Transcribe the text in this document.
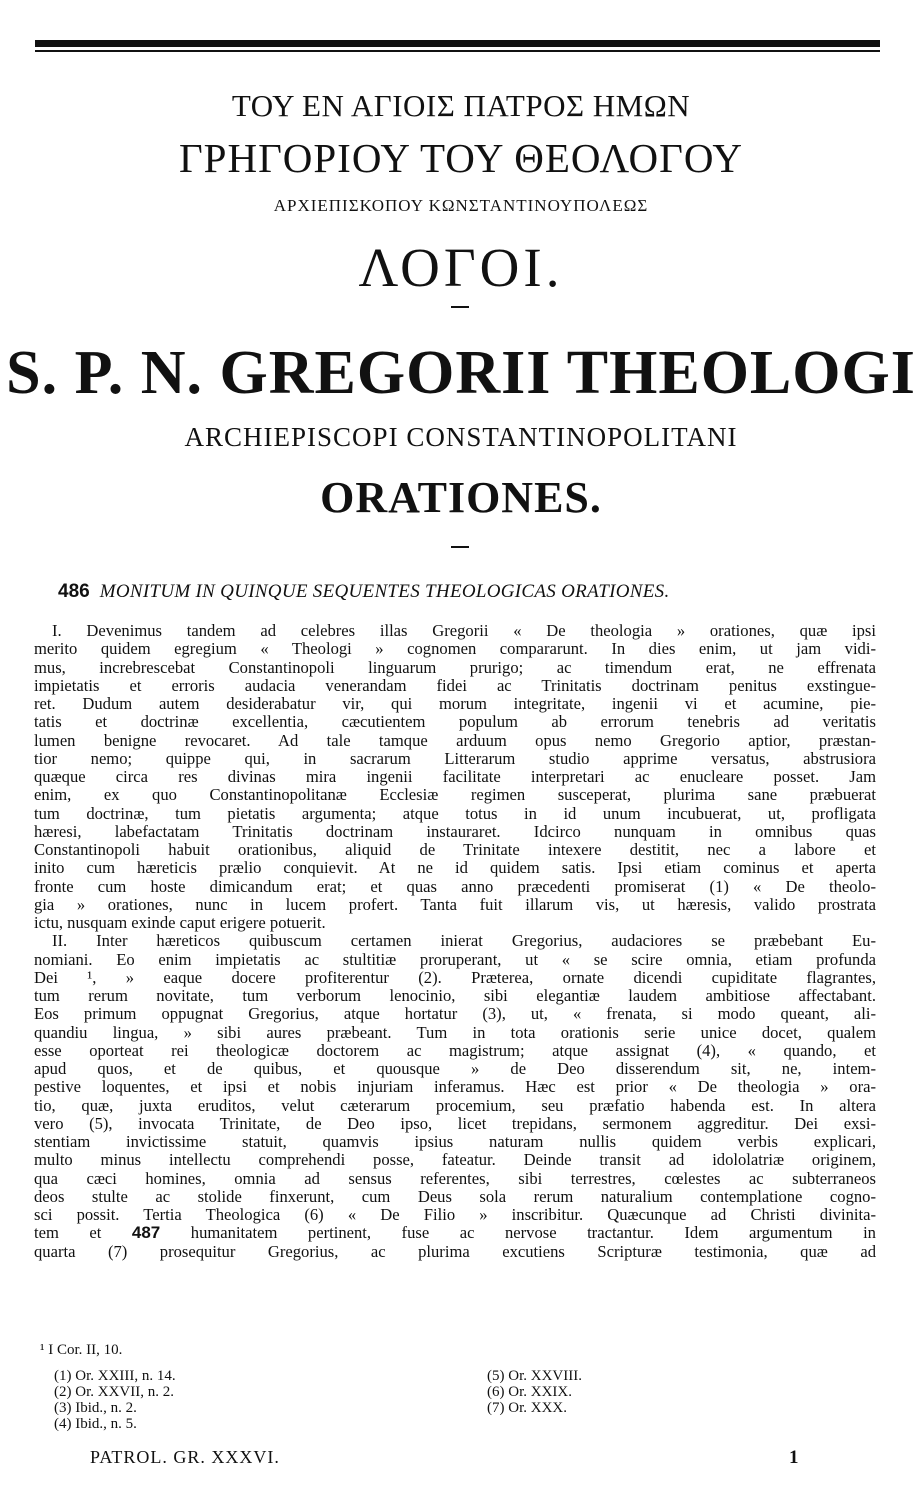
ΤΟΥ ΕΝ ΑΓΙΟΙΣ ΠΑΤΡΟΣ ΗΜΩΝ
ΓΡΗΓΟΡΙΟΥ ΤΟΥ ΘΕΟΛΟΓΟΥ
ΑΡΧΙΕΠΙΣΚΟΠΟΥ ΚΩΝΣΤΑΝΤΙΝΟΥΠΟΛΕΩΣ
ΛΟΓΟΙ.
S. P. N. GREGORII THEOLOGI
ARCHIEPISCOPI CONSTANTINOPOLITANI
ORATIONES.
486 MONITUM IN QUINQUE SEQUENTES THEOLOGICAS ORATIONES.
I. Devenimus tandem ad celebres illas Gregorii « De theologia » orationes, quæ ipsi
merito quidem egregium « Theologi » cognomen compararunt. In dies enim, ut jam vidi-
mus, increbrescebat Constantinopoli linguarum prurigo; ac timendum erat, ne effrenata
impietatis et erroris audacia venerandam fidei ac Trinitatis doctrinam penitus exstingue-
ret. Dudum autem desiderabatur vir, qui morum integritate, ingenii vi et acumine, pie-
tatis et doctrinæ excellentia, cæcutientem populum ab errorum tenebris ad veritatis
lumen benigne revocaret. Ad tale tamque arduum opus nemo Gregorio aptior, præstan-
tior nemo; quippe qui, in sacrarum Litterarum studio apprime versatus, abstrusiora
quæque circa res divinas mira ingenii facilitate interpretari ac enucleare posset. Jam
enim, ex quo Constantinopolitanæ Ecclesiæ regimen susceperat, plurima sane præbuerat
tum doctrinæ, tum pietatis argumenta; atque totus in id unum incubuerat, ut, profligata
hæresi, labefactatam Trinitatis doctrinam instauraret. Idcirco nunquam in omnibus quas
Constantinopoli habuit orationibus, aliquid de Trinitate intexere destitit, nec a labore et
inito cum hæreticis prælio conquievit. At ne id quidem satis. Ipsi etiam cominus et aperta
fronte cum hoste dimicandum erat; et quas anno præcedenti promiserat (1) « De theolo-
gia » orationes, nunc in lucem profert. Tanta fuit illarum vis, ut hæresis, valido prostrata
ictu, nusquam exinde caput erigere potuerit.
II. Inter hæreticos quibuscum certamen inierat Gregorius, audaciores se præbebant Eu-
nomiani. Eo enim impietatis ac stultitiæ proruperant, ut « se scire omnia, etiam profunda
Dei ¹, » eaque docere profiterentur (2). Præterea, ornate dicendi cupiditate flagrantes,
tum rerum novitate, tum verborum lenocinio, sibi elegantiæ laudem ambitiose affectabant.
Eos primum oppugnat Gregorius, atque hortatur (3), ut, « frenata, si modo queant, ali-
quandiu lingua, » sibi aures præbeant. Tum in tota orationis serie unice docet, qualem
esse oporteat rei theologicæ doctorem ac magistrum; atque assignat (4), « quando, et
apud quos, et de quibus, et quousque » de Deo disserendum sit, ne, intem-
pestive loquentes, et ipsi et nobis injuriam inferamus. Hæc est prior « De theologia » ora-
tio, quæ, juxta eruditos, velut cæterarum procemium, seu præfatio habenda est. In altera
vero (5), invocata Trinitate, de Deo ipso, licet trepidans, sermonem aggreditur. Dei exsi-
stentiam invictissime statuit, quamvis ipsius naturam nullis quidem verbis explicari,
multo minus intellectu comprehendi posse, fateatur. Deinde transit ad idololatriæ originem,
qua cæci homines, omnia ad sensus referentes, sibi terrestres, cœlestes ac subterraneos
deos stulte ac stolide finxerunt, cum Deus sola rerum naturalium contemplatione cogno-
sci possit. Tertia Theologica (6) « De Filio » inscribitur. Quæcunque ad Christi divinita-
tem et 487 humanitatem pertinent, fuse ac nervose tractantur. Idem argumentum in
quarta (7) prosequitur Gregorius, ac plurima excutiens Scripturæ testimonia, quæ ad
¹ I Cor. II, 10.
(1) Or. XXIII, n. 14.
(2) Or. XXVII, n. 2.
(3) Ibid., n. 2.
(4) Ibid., n. 5.
(5) Or. XXVIII.
(6) Or. XXIX.
(7) Or. XXX.
PATROL. GR. XXXVI.	1
